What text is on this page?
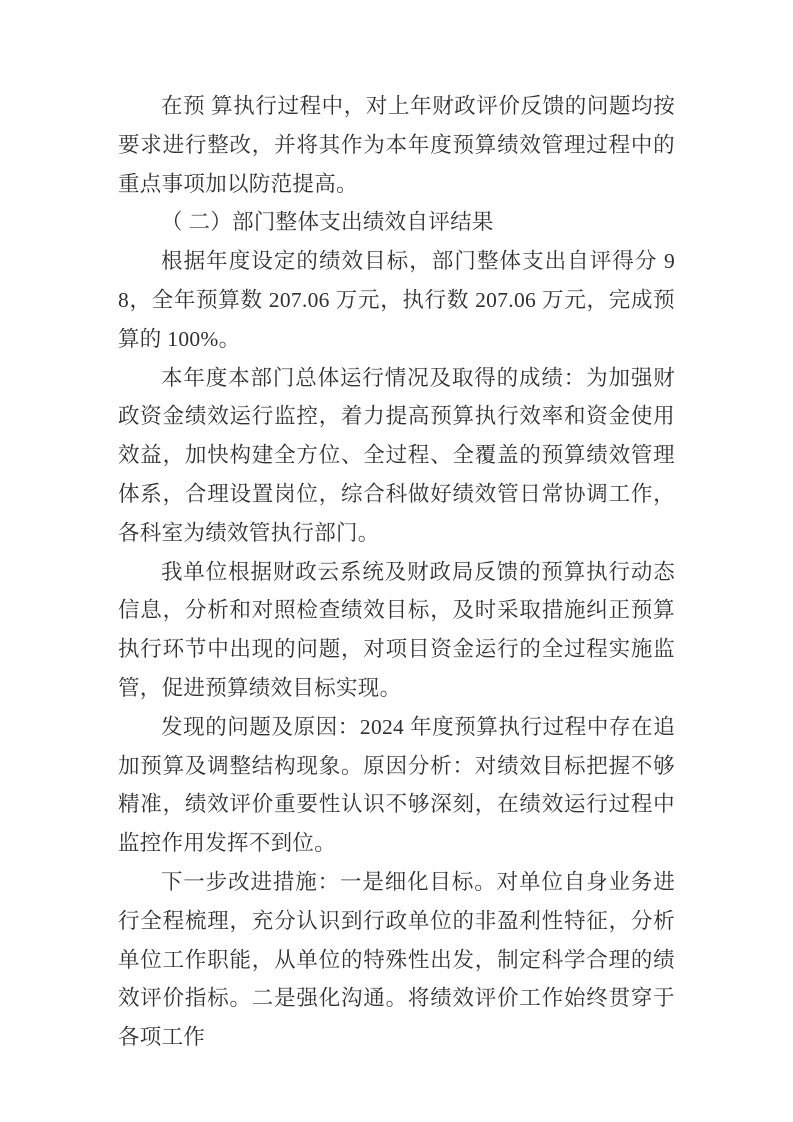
在预 算执行过程中，对上年财政评价反馈的问题均按要求进行整改，并将其作为本年度预算绩效管理过程中的重点事项加以防范提高。

（ 二）部门整体支出绩效自评结果

根据年度设定的绩效目标，部门整体支出自评得分 98，全年预算数 207.06 万元，执行数 207.06 万元，完成预算的 100%。

本年度本部门总体运行情况及取得的成绩：为加强财政资金绩效运行监控，着力提高预算执行效率和资金使用效益，加快构建全方位、全过程、全覆盖的预算绩效管理体系，合理设置岗位，综合科做好绩效管日常协调工作，各科室为绩效管执行部门。

我单位根据财政云系统及财政局反馈的预算执行动态信息，分析和对照检查绩效目标，及时采取措施纠正预算执行环节中出现的问题，对项目资金运行的全过程实施监管，促进预算绩效目标实现。

发现的问题及原因：2024 年度预算执行过程中存在追加预算及调整结构现象。原因分析：对绩效目标把握不够精准，绩效评价重要性认识不够深刻，在绩效运行过程中监控作用发挥不到位。

下一步改进措施：一是细化目标。对单位自身业务进行全程梳理，充分认识到行政单位的非盈利性特征，分析单位工作职能，从单位的特殊性出发，制定科学合理的绩效评价指标。二是强化沟通。将绩效评价工作始终贯穿于各项工作
